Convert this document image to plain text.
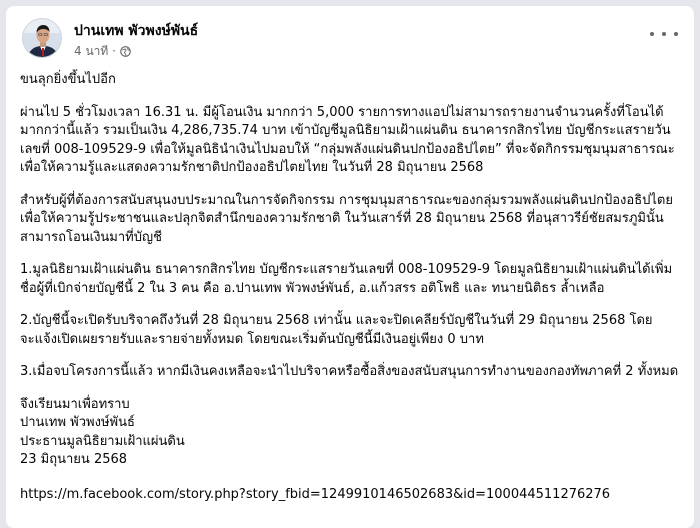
ปานเทพ พัวพงษ์พันธ์
4 นาที ·

ขนลุกยิ่งขึ้นไปอีก

ผ่านไป 5 ชั่วโมงเวลา 16.31 น. มีผู้โอนเงิน มากกว่า 5,000 รายการทางแอปไม่สามารถรายงานจำนวนครั้งที่โอนได้มากกว่านี้แล้ว รวมเป็นเงิน 4,286,735.74 บาท เข้าบัญชีมูลนิธิยามเฝ้าแผ่นดิน ธนาคารกสิกรไทย บัญชีกระแสรายวันเลขที่ 008-109529-9 เพื่อให้มูลนิธินำเงินไปมอบให้ “กลุ่มพลังแผ่นดินปกป้องอธิปไตย” ที่จะจัดกิกรรมชุมนุมสาธารณะเพื่อให้ความรู้และแสดงความรักชาติปกป้องอธิปไตยไทย ในวันที่ 28 มิถุนายน 2568

สำหรับผู้ที่ต้องการสนับสนุนงบประมาณในการจัดกิจกรรม การชุมนุมสาธารณะของกลุ่มรวมพลังแผ่นดินปกป้องอธิปไตย เพื่อให้ความรู้ประชาชนและปลุกจิตสำนึกของความรักชาติ ในวันเสาร์ที่ 28 มิถุนายน 2568 ที่อนุสาวรีย์ชัยสมรภูมินั้น สามารถโอนเงินมาที่บัญชี

1.มูลนิธิยามเฝ้าแผ่นดิน ธนาคารกสิกรไทย บัญชีกระแสรายวันเลขที่ 008-109529-9 โดยมูลนิธิยามเฝ้าแผ่นดินได้เพิ่มชื่อผู้ที่เบิกจ่ายบัญชีนี้ 2 ใน 3 คน คือ อ.ปานเทพ พัวพงษ์พันธ์, อ.แก้วสรร อติโพธิ และ ทนายนิติธร ล้ำเหลือ

2.บัญชีนี้จะเปิดรับบริจาคถึงวันที่ 28 มิถุนายน 2568 เท่านั้น และจะปิดเคลียร์บัญชีในวันที่ 29 มิถุนายน 2568 โดยจะแจ้งเปิดเผยรายรับและรายจ่ายทั้งหมด โดยขณะเริ่มต้นบัญชีนี้มีเงินอยู่เพียง 0 บาท

3.เมื่อจบโครงการนี้แล้ว หากมีเงินคงเหลือจะนำไปบริจาคหรือซื้อสิ่งของสนับสนุนการทำงานของกองทัพภาคที่ 2 ทั้งหมด

จึงเรียนมาเพื่อทราบ
ปานเทพ พัวพงษ์พันธ์
ประธานมูลนิธิยามเฝ้าแผ่นดิน
23 มิถุนายน 2568
https://m.facebook.com/story.php?story_fbid=1249910146502683&id=100044511276276
